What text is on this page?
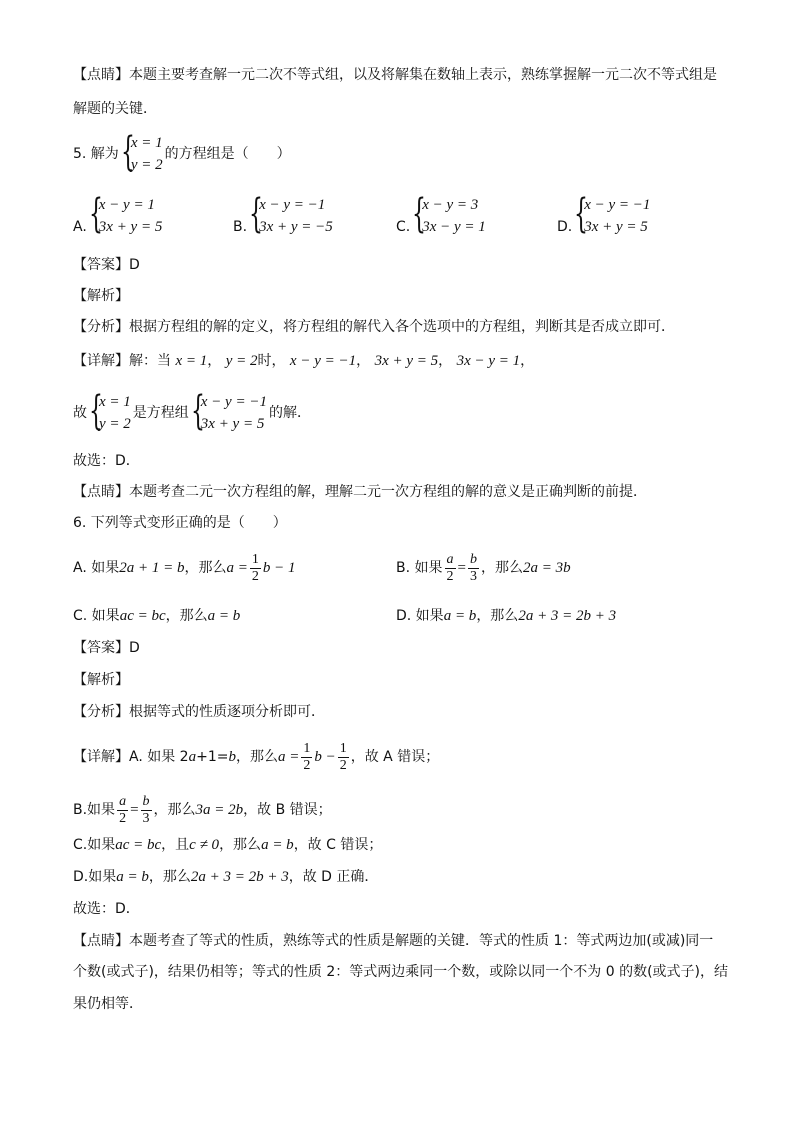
【点睛】本题主要考查解一元二次不等式组，以及将解集在数轴上表示，熟练掌握解一元二次不等式组是
解题的关键．
5. 解为 {
x = 1
y = 2
的方程组是（　　）
A. {
x − y = 1
3x + y = 5	B. {
x − y = −1
3x + y = −5	C. {
x − y = 3
3x − y = 1	D. {
x − y = −1
3x + y = 5
【答案】D
【解析】
【分析】根据方程组的解的定义，将方程组的解代入各个选项中的方程组，判断其是否成立即可．
【详解】解：当 x = 1， y = 2时， x − y = −1， 3x + y = 5， 3x − y = 1，
故 {
x = 1
y = 2
是方程组 {
x − y = −1
3x + y = 5
的解．
故选：D．
【点睛】本题考查二元一次方程组的解，理解二元一次方程组的解的意义是正确判断的前提．
6. 下列等式变形正确的是（　　）
A. 如果2a + 1 = b，那么$a = \frac{1}{2}$ b − 1	B. 如果 $\frac{a}{2} = \frac{b}{3}$ ，那么2a = 3b
C. 如果ac = bc，那么a = b	D. 如果a = b，那么2a + 3 = 2b + 3
【答案】D
【解析】
【分析】根据等式的性质逐项分析即可．
【详解】A. 如果 2a+1=b，那么$a = \frac{1}{2}$ $b - \frac{1}{2}$ ，故 A 错误；
B.如果 $\frac{a}{2} = \frac{b}{3}$ ，那么3a = 2b，故 B 错误；
C.如果ac = bc，且c ≠ 0，那么a = b，故 C 错误；
D.如果a = b，那么2a + 3 = 2b + 3，故 D 正确．
故选：D．
【点睛】本题考查了等式的性质，熟练等式的性质是解题的关键．等式的性质 1：等式两边加(或减)同一
个数(或式子)，结果仍相等；等式的性质 2：等式两边乘同一个数，或除以同一个不为 0 的数(或式子)，结
果仍相等．
